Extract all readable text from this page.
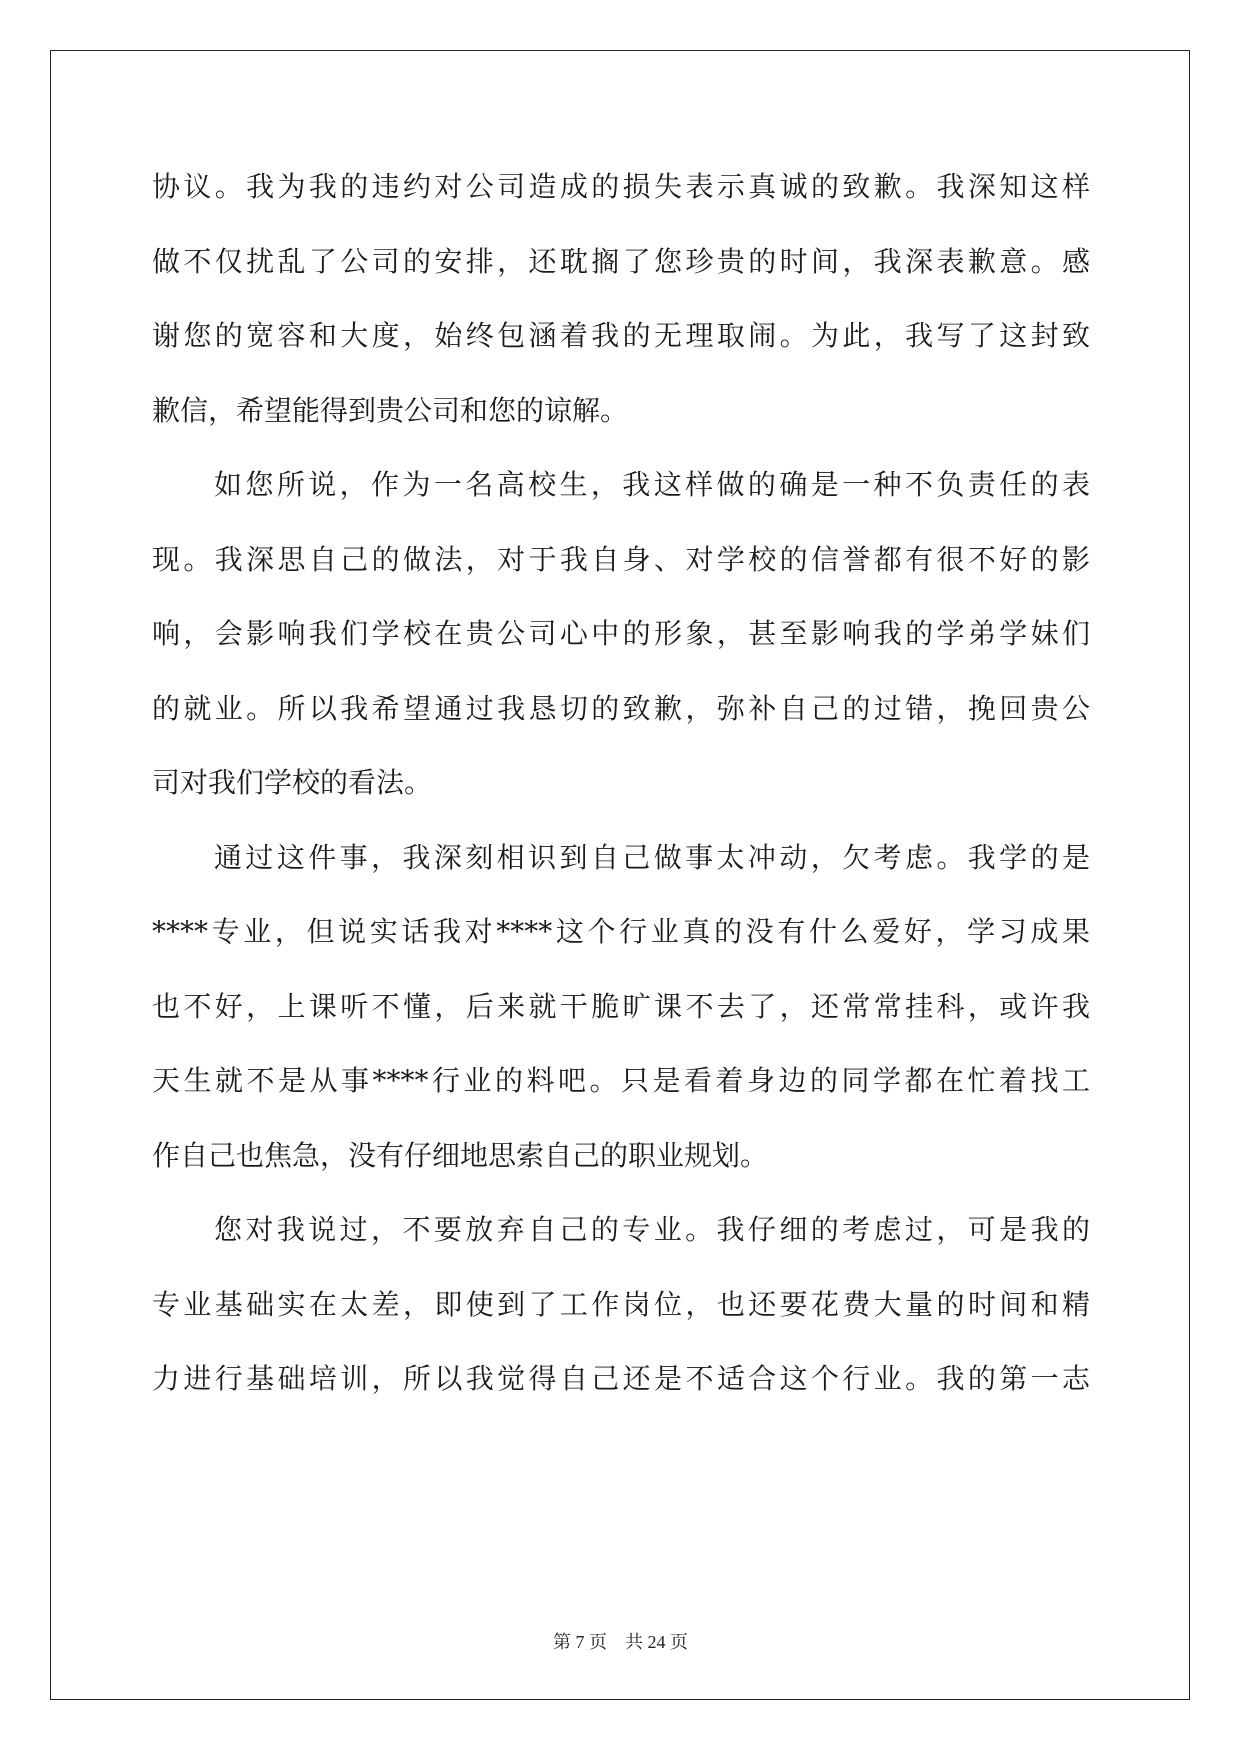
协议。我为我的违约对公司造成的损失表示真诚的致歉。我深知这样
做不仅扰乱了公司的安排，还耽搁了您珍贵的时间，我深表歉意。感
谢您的宽容和大度，始终包涵着我的无理取闹。为此，我写了这封致
歉信，希望能得到贵公司和您的谅解。
如您所说，作为一名高校生，我这样做的确是一种不负责任的表
现。我深思自己的做法，对于我自身、对学校的信誉都有很不好的影
响，会影响我们学校在贵公司心中的形象，甚至影响我的学弟学妹们
的就业。所以我希望通过我恳切的致歉，弥补自己的过错，挽回贵公
司对我们学校的看法。
通过这件事，我深刻相识到自己做事太冲动，欠考虑。我学的是
****专业，但说实话我对****这个行业真的没有什么爱好，学习成果
也不好，上课听不懂，后来就干脆旷课不去了，还常常挂科，或许我
天生就不是从事****行业的料吧。只是看着身边的同学都在忙着找工
作自己也焦急，没有仔细地思索自己的职业规划。
您对我说过，不要放弃自己的专业。我仔细的考虑过，可是我的
专业基础实在太差，即使到了工作岗位，也还要花费大量的时间和精
力进行基础培训，所以我觉得自己还是不适合这个行业。我的第一志
第 7 页    共 24 页
